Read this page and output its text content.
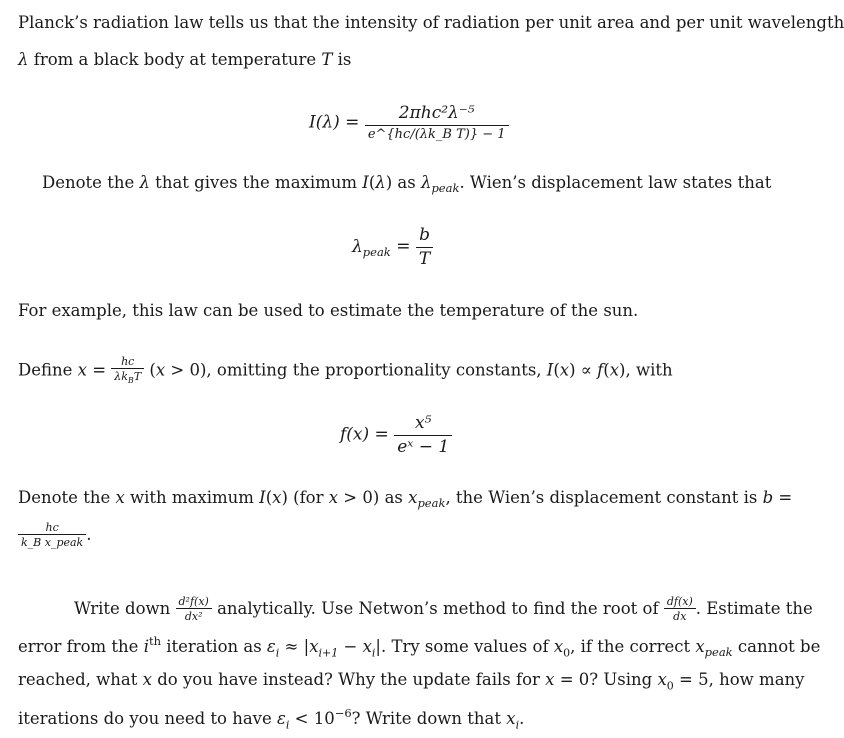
Planck’s radiation law tells us that the intensity of radiation per unit area and per unit wavelength
λ from a black body at temperature T is
$I(\lambda) = \frac{\text{2πhc²λ⁻⁵}}{\text{e\textasciicircum{}\{hc/(λk\_B T)\} − 1}}$
Denote the λ that gives the maximum I(λ) as $\lambda_{peak}$. Wien’s displacement law states that
$\lambda_{peak} = \frac{b}{T}$
For example, this law can be used to estimate the temperature of the sun.
Define $x = \frac{hc}{\lambda k_BT} (x > 0)$, omitting the proportionality constants, I(x) ∝ f(x), with
$f(x) = \frac{\text{x⁵}}{\text{eˣ − 1}}$
Denote the x with maximum I(x) (for x > 0) as $x_{peak}$, the Wien’s displacement constant is b =
$\frac{hc}{\text{k\_B x\_peak}}$ .
Write down $\frac{\text{d²f(x)}}{\text{dx²}}$ analytically. Use Netwon’s method to find the root of $\frac{df(x)}{dx}$ . Estimate the
error from the $i^{th}$ iteration as $\varepsilon_i \approx |x_{i+1} - x_i|$. Try some values of $x_0$, if the correct $x_{peak}$ cannot be
reached, what x do you have instead? Why the update fails for x = 0? Using $x_0 = 5$, how many
iterations do you need to have $\varepsilon_i < 10^{-6}$? Write down that $x_i$.
